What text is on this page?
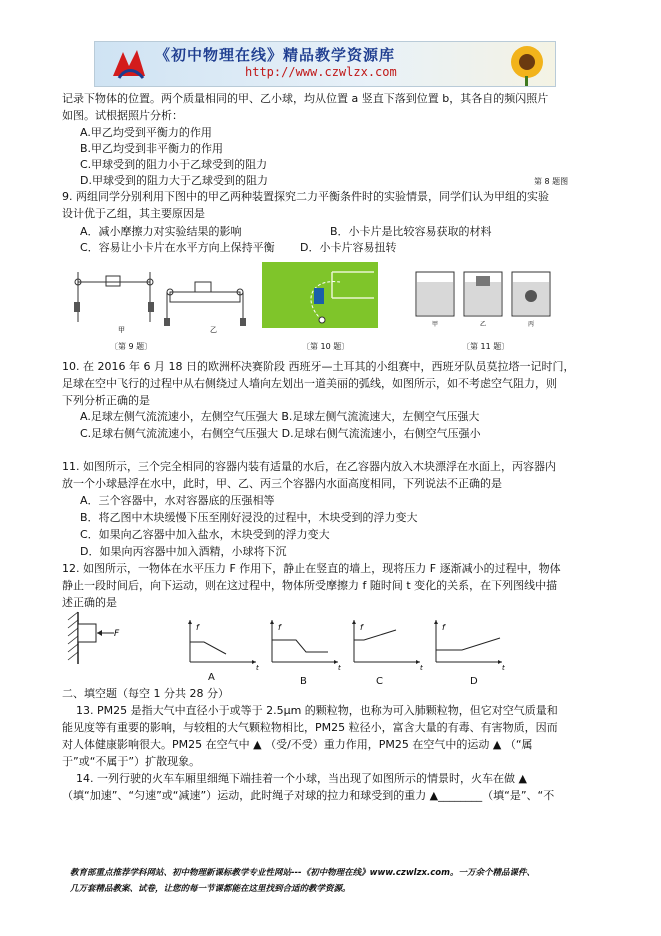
《初中物理在线》精品教学资源库
http://www.czwlzx.com
记录下物体的位置。两个质量相同的甲、乙小球，均从位置 a 竖直下落到位置 b，其各自的频闪照片
如图。试根据照片分析：
A.甲乙均受到平衡力的作用
B.甲乙均受到非平衡力的作用
C.甲球受到的阻力小于乙球受到的阻力
D.甲球受到的阻力大于乙球受到的阻力	第 8 题图
9. 两组同学分别利用下图中的甲乙两种装置探究二力平衡条件时的实验情景，同学们认为甲组的实验
设计优于乙组，其主要原因是
A．减小摩擦力对实验结果的影响	B．小卡片是比较容易获取的材料
C．容易让小卡片在水平方向上保持平衡 D．小卡片容易扭转
甲	乙
〔第 9 题〕	〔第 10 题〕
甲	乙	丙
〔第 11 题〕
10. 在 2016 年 6 月 18 日的欧洲杯决赛阶段 西班牙—土耳其的小组赛中，西班牙队员莫拉塔一记时门，
足球在空中飞行的过程中从右侧绕过人墙向左划出一道美丽的弧线，如图所示，如不考虑空气阻力，则
下列分析正确的是
A.足球左侧气流流速小，左侧空气压强大 B.足球左侧气流流速大，左侧空气压强大
C.足球右侧气流流速小，右侧空气压强大 D.足球右侧气流流速小，右侧空气压强小
11. 如图所示，三个完全相同的容器内装有适量的水后，在乙容器内放入木块漂浮在水面上，丙容器内
放一个小球悬浮在水中，此时，甲、乙、丙三个容器内水面高度相同，下列说法不正确的是
A．三个容器中，水对容器底的压强相等
B．将乙图中木块缓慢下压至刚好浸没的过程中，木块受到的浮力变大
C．如果向乙容器中加入盐水，木块受到的浮力变大
D．如果向丙容器中加入酒精，小球将下沉
12. 如图所示，一物体在水平压力 F 作用下，静止在竖直的墙上，现将压力 F 逐渐减小的过程中，物体
静止一段时间后，向下运动，则在这过程中，物体所受摩擦力 f 随时间 t 变化的关系，在下列图线中描
述正确的是
F
f
t
f
t
f
t
f
t
A	B	C	D
二、填空题（每空 1 分共 28 分）
13. PM25 是指大气中直径小于或等于 2.5μm 的颗粒物，也称为可入肺颗粒物，但它对空气质量和
能见度等有重要的影响，与较粗的大气颗粒物相比，PM25 粒径小，富含大量的有毒、有害物质，因而
对人体健康影响很大。PM25 在空气中 ▲ （受/不受）重力作用，PM25 在空气中的运动 ▲ （“属
于”或“不属于”）扩散现象。
14. 一列行驶的火车车厢里细绳下端挂着一个小球，当出现了如图所示的情景时，火车在做 ▲
（填“加速”、“匀速”或“减速”）运动，此时绳子对球的拉力和球受到的重力 ▲________（填“是”、“不
教育部重点推荐学科网站、初中物理新课标教学专业性网站---《初中物理在线》www.czwlzx.com。一万余个精品课件、
几万套精品教案、试卷，让您的每一节课都能在这里找到合适的教学资源。
